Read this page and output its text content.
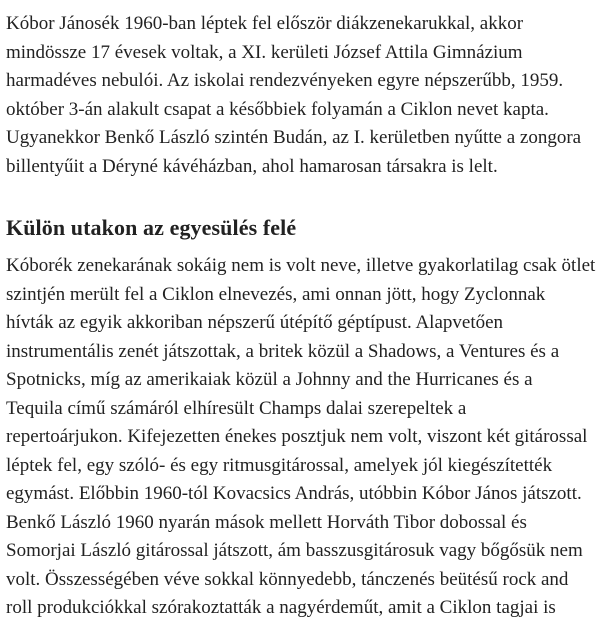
Kóbor Jánosék 1960-ban léptek fel először diákzenekarukkal, akkor
mindössze 17 évesek voltak, a XI. kerületi József Attila Gimnázium
harmadéves nebulói. Az iskolai rendezvényeken egyre népszerűbb, 1959.
október 3-án alakult csapat a későbbiek folyamán a Ciklon nevet kapta.
Ugyanekkor Benkő László szintén Budán, az I. kerületben nyűtte a zongora
billentyűit a Déryné kávéházban, ahol hamarosan társakra is lelt.
Külön utakon az egyesülés felé
Kóborék zenekarának sokáig nem is volt neve, illetve gyakorlatilag csak ötlet
szintjén merült fel a Ciklon elnevezés, ami onnan jött, hogy Zyclonnak
hívták az egyik akkoriban népszerű útépítő géptípust. Alapvetően
instrumentális zenét játszottak, a britek közül a Shadows, a Ventures és a
Spotnicks, míg az amerikaiak közül a Johnny and the Hurricanes és a
Tequila című számáról elhíresült Champs dalai szerepeltek a
repertoárjukon. Kifejezetten énekes posztjuk nem volt, viszont két gitárossal
léptek fel, egy szóló- és egy ritmusgitárossal, amelyek jól kiegészítették
egymást. Előbbin 1960-tól Kovacsics András, utóbbin Kóbor János játszott.
Benkő László 1960 nyarán mások mellett Horváth Tibor dobossal és
Somorjai László gitárossal játszott, ám basszusgitárosuk vagy bőgősük nem
volt. Összességében véve sokkal könnyedebb, tánczenés beütésű rock and
roll produkciókkal szórakoztatták a nagyérdeműt, amit a Ciklon tagjai is
